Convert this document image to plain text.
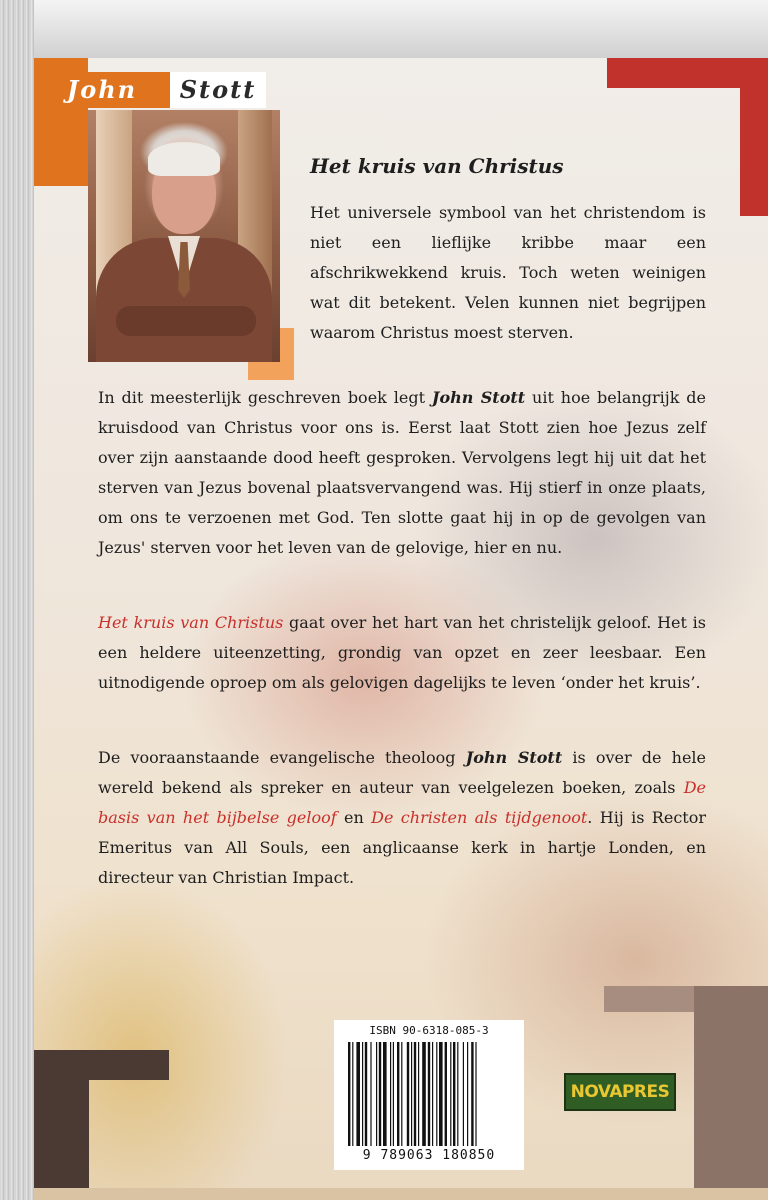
John	Stott
Het kruis van Christus

Het universele symbool van het christendom is niet een lieflijke kribbe maar een afschrikwekkend kruis. Toch weten weinigen wat dit betekent. Velen kunnen niet begrijpen waarom Christus moest sterven.

In dit meesterlijk geschreven boek legt John Stott uit hoe belangrijk de kruisdood van Christus voor ons is. Eerst laat Stott zien hoe Jezus zelf over zijn aanstaande dood heeft gesproken. Vervolgens legt hij uit dat het sterven van Jezus bovenal plaatsvervangend was. Hij stierf in onze plaats, om ons te verzoenen met God. Ten slotte gaat hij in op de gevolgen van Jezus' sterven voor het leven van de gelovige, hier en nu.

Het kruis van Christus gaat over het hart van het christelijk geloof. Het is een heldere uiteenzetting, grondig van opzet en zeer leesbaar. Een uitnodigende oproep om als gelovigen dagelijks te leven ‘onder het kruis’.

De vooraanstaande evangelische theoloog John Stott is over de hele wereld bekend als spreker en auteur van veelgelezen boeken, zoals De basis van het bijbelse geloof en De christen als tijdgenoot. Hij is Rector Emeritus van All Souls, een anglicaanse kerk in hartje Londen, en directeur van Christian Impact.

ISBN 90-6318-085-3
9 789063 180850
NOVAPRES
